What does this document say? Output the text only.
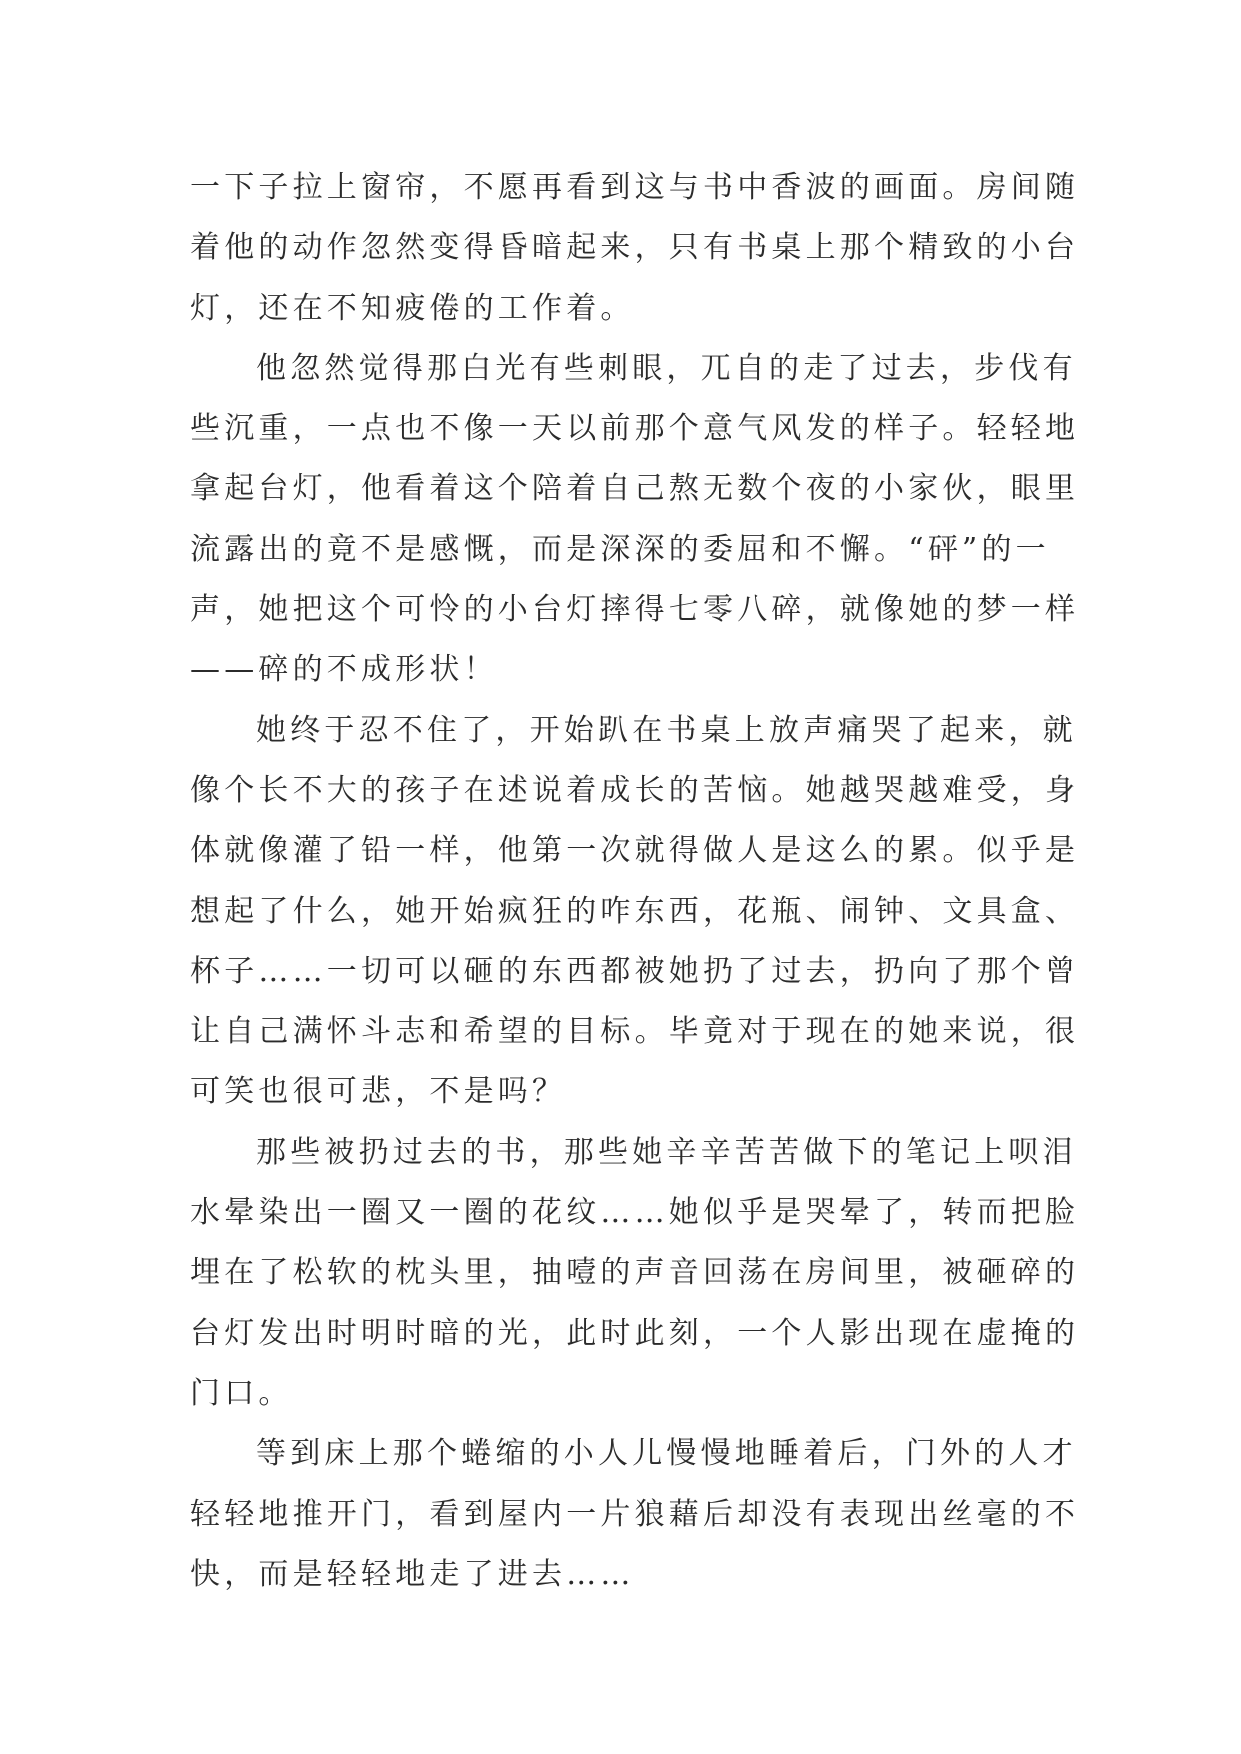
一下子拉上窗帘，不愿再看到这与书中香波的画面。房间随
着他的动作忽然变得昏暗起来，只有书桌上那个精致的小台
灯，还在不知疲倦的工作着。
他忽然觉得那白光有些刺眼，兀自的走了过去，步伐有
些沉重，一点也不像一天以前那个意气风发的样子。轻轻地
拿起台灯，他看着这个陪着自己熬无数个夜的小家伙，眼里
流露出的竟不是感慨，而是深深的委屈和不懈。“砰”的一
声，她把这个可怜的小台灯摔得七零八碎，就像她的梦一样
——碎的不成形状！
她终于忍不住了，开始趴在书桌上放声痛哭了起来，就
像个长不大的孩子在述说着成长的苦恼。她越哭越难受，身
体就像灌了铅一样，他第一次就得做人是这么的累。似乎是
想起了什么，她开始疯狂的咋东西，花瓶、闹钟、文具盒、
杯子……一切可以砸的东西都被她扔了过去，扔向了那个曾
让自己满怀斗志和希望的目标。毕竟对于现在的她来说，很
可笑也很可悲，不是吗？
那些被扔过去的书，那些她辛辛苦苦做下的笔记上呗泪
水晕染出一圈又一圈的花纹……她似乎是哭晕了，转而把脸
埋在了松软的枕头里，抽噎的声音回荡在房间里，被砸碎的
台灯发出时明时暗的光，此时此刻，一个人影出现在虚掩的
门口。
等到床上那个蜷缩的小人儿慢慢地睡着后，门外的人才
轻轻地推开门，看到屋内一片狼藉后却没有表现出丝毫的不
快，而是轻轻地走了进去……
